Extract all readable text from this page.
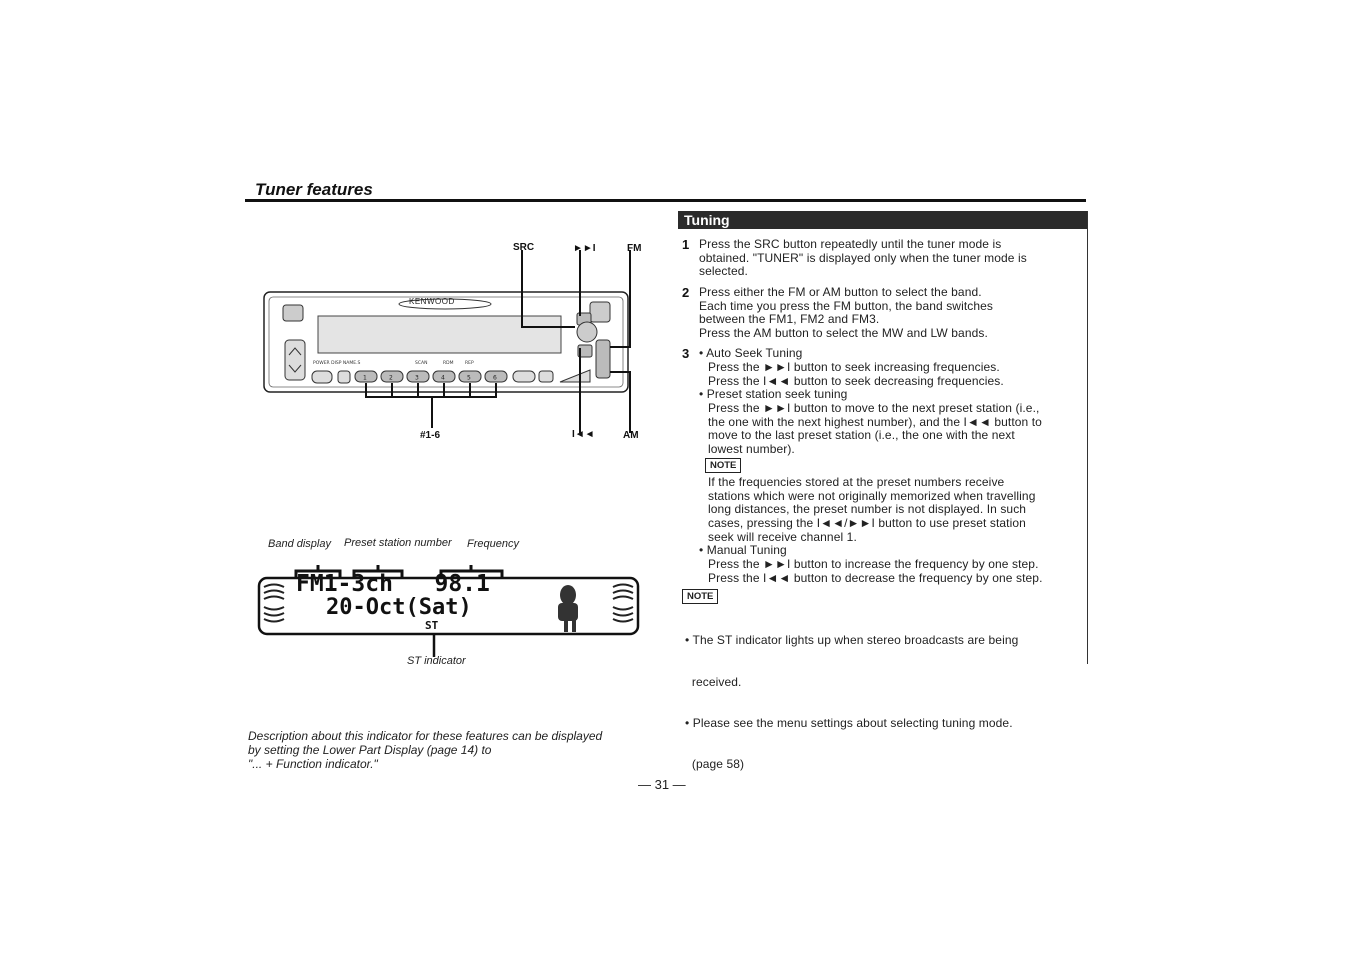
Tuner features
Tuning
1 Press the SRC button repeatedly until the tuner mode is
obtained. "TUNER" is displayed only when the tuner mode is
selected.
2 Press either the FM or AM button to select the band.
Each time you press the FM button, the band switches
between the FM1, FM2 and FM3.
Press the AM button to select the MW and LW bands.
3 • Auto Seek Tuning
Press the ►►I button to seek increasing frequencies.
Press the I◄◄ button to seek decreasing frequencies.
• Preset station seek tuning
Press the ►►I button to move to the next preset station (i.e.,
the one with the next highest number), and the I◄◄ button to
move to the last preset station (i.e., the one with the next
lowest number).
NOTE
If the frequencies stored at the preset numbers receive
stations which were not originally memorized when travelling
long distances, the preset number is not displayed. In such
cases, pressing the I◄◄/►►I button to use preset station
seek will receive channel 1.
• Manual Tuning
Press the ►►I button to increase the frequency by one step.
Press the I◄◄ button to decrease the frequency by one step.
NOTE

• The ST indicator lights up when stereo broadcasts are being

received.

• Please see the menu settings about selecting tuning mode.

(page 58)

SRC	►►I	FM
#1-6	I◄◄	AM
POWER DISP NAME.S	SCAN	RDM	REP
1	2	3	4	5	6
KENWOOD
Band display Preset station number Frequency
ST indicator
FM1-3ch 98.1
20-Oct(Sat)
ST
Description about this indicator for these features can be displayed
by setting the Lower Part Display (page 14) to
"... + Function indicator."
— 31 —
